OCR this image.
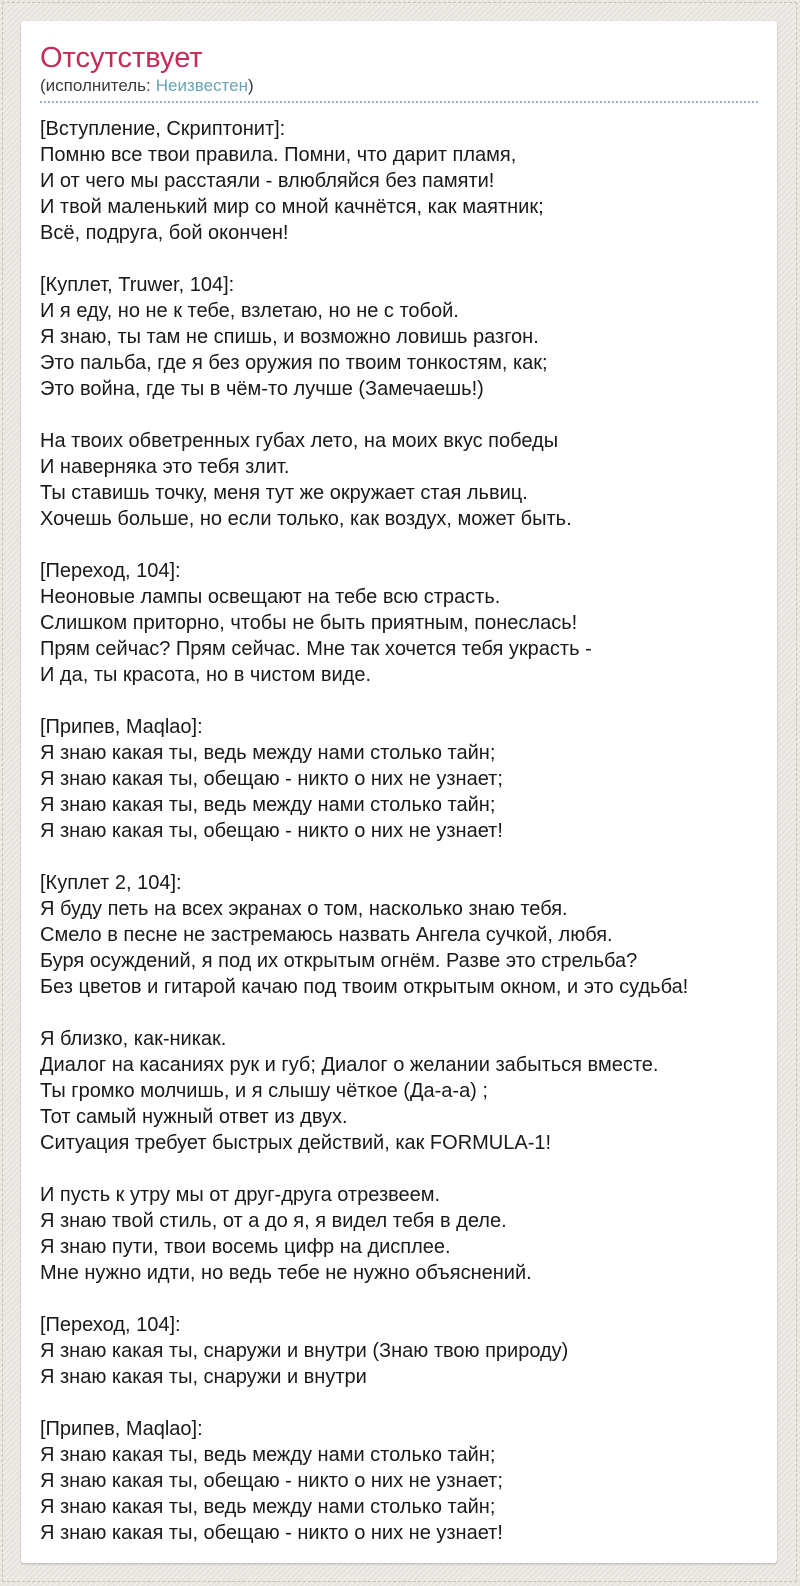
Отсутствует
(исполнитель: Неизвестен)
[Вступление, Скриптонит]:
Помню все твои правила. Помни, что дарит пламя,
И от чего мы расстаяли - влюбляйся без памяти!
И твой маленький мир со мной качнётся, как маятник;
Всё, подруга, бой окончен!
[Куплет, Truwer, 104]:
И я еду, но не к тебе, взлетаю, но не с тобой.
Я знаю, ты там не спишь, и возможно ловишь разгон.
Это пальба, где я без оружия по твоим тонкостям, как;
Это война, где ты в чём-то лучше (Замечаешь!)
На твоих обветренных губах лето, на моих вкус победы
И наверняка это тебя злит.
Ты ставишь точку, меня тут же окружает стая львиц.
Хочешь больше, но если только, как воздух, может быть.
[Переход, 104]:
Неоновые лампы освещают на тебе всю страсть.
Слишком приторно, чтобы не быть приятным, понеслась!
Прям сейчас? Прям сейчас. Мне так хочется тебя украсть -
И да, ты красота, но в чистом виде.
[Припев, Maqlao]:
Я знаю какая ты, ведь между нами столько тайн;
Я знаю какая ты, обещаю - никто о них не узнает;
Я знаю какая ты, ведь между нами столько тайн;
Я знаю какая ты, обещаю - никто о них не узнает!
[Куплет 2, 104]:
Я буду петь на всех экранах о том, насколько знаю тебя.
Смело в песне не застремаюсь назвать Ангела сучкой, любя.
Буря осуждений, я под их открытым огнём. Разве это стрельба?
Без цветов и гитарой качаю под твоим открытым окном, и это судьба!
Я близко, как-никак.
Диалог на касаниях рук и губ; Диалог о желании забыться вместе.
Ты громко молчишь, и я слышу чёткое (Да-а-а) ;
Тот самый нужный ответ из двух.
Ситуация требует быстрых действий, как FORMULA-1!
И пусть к утру мы от друг-друга отрезвеем.
Я знаю твой стиль, от а до я, я видел тебя в деле.
Я знаю пути, твои восемь цифр на дисплее.
Мне нужно идти, но ведь тебе не нужно объяснений.
[Переход, 104]:
Я знаю какая ты, снаружи и внутри (Знаю твою природу)
Я знаю какая ты, снаружи и внутри
[Припев, Maqlao]:
Я знаю какая ты, ведь между нами столько тайн;
Я знаю какая ты, обещаю - никто о них не узнает;
Я знаю какая ты, ведь между нами столько тайн;
Я знаю какая ты, обещаю - никто о них не узнает!
